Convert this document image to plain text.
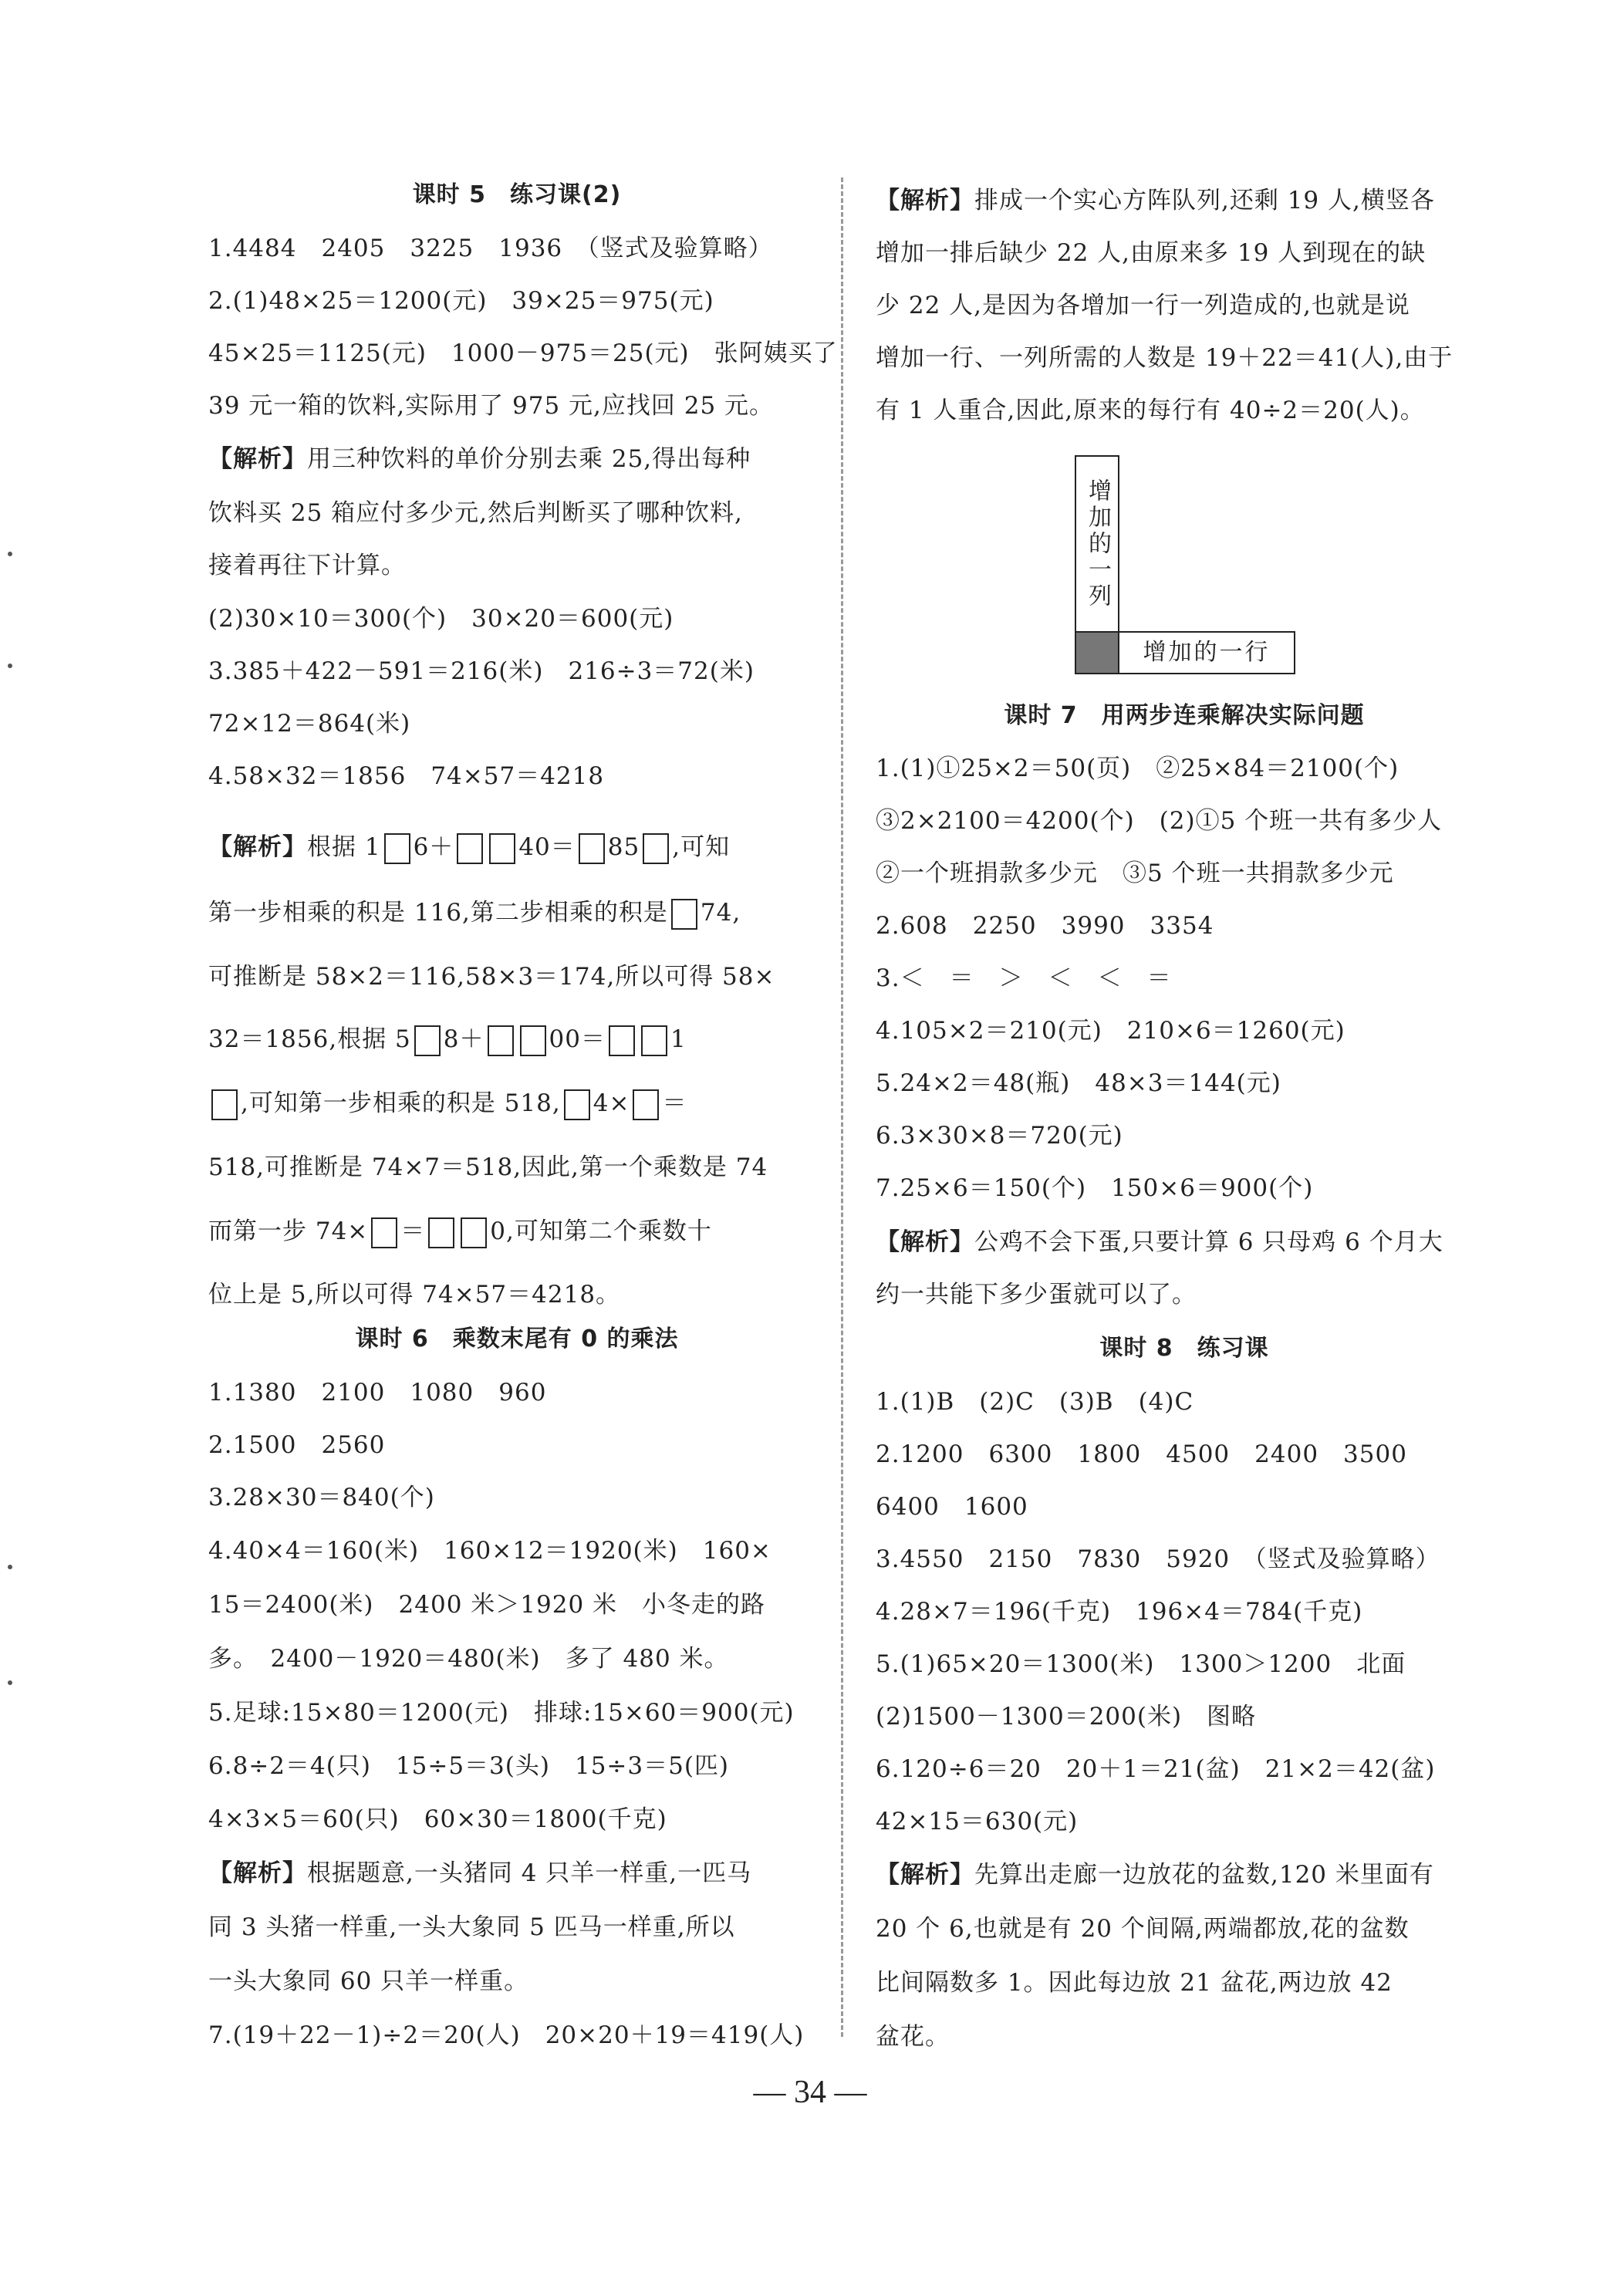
课时 5　练习课(2)
1.4484　2405　3225　1936　（竖式及验算略）
2.(1)48×25＝1200(元)　39×25＝975(元)
45×25＝1125(元)　1000－975＝25(元)　张阿姨买了
39 元一箱的饮料,实际用了 975 元,应找回 25 元。
【解析】用三种饮料的单价分别去乘 25,得出每种
饮料买 25 箱应付多少元,然后判断买了哪种饮料,
接着再往下计算。
(2)30×10＝300(个)　30×20＝600(元)
3.385＋422－591＝216(米)　216÷3＝72(米)
72×12＝864(米)
4.58×32＝1856　74×57＝4218
【解析】根据 1 6＋	40＝ 85 ,可知
第一步相乘的积是 116,第二步相乘的积是 74,
可推断是 58×2＝116,58×3＝174,所以可得 58×
32＝1856,根据 5 8＋	00＝	1
,可知第一步相乘的积是 518, 4× ＝
518,可推断是 74×7＝518,因此,第一个乘数是 74
而第一步 74× ＝	0,可知第二个乘数十
位上是 5,所以可得 74×57＝4218。
课时 6　乘数末尾有 0 的乘法
1.1380　2100　1080　960
2.1500　2560
3.28×30＝840(个)
4.40×4＝160(米)　160×12＝1920(米)　160×
15＝2400(米)　2400 米＞1920 米　小冬走的路
多。　2400－1920＝480(米)　多了 480 米。
5.足球:15×80＝1200(元)　排球:15×60＝900(元)
6.8÷2＝4(只)　15÷5＝3(头)　15÷3＝5(匹)
4×3×5＝60(只)　60×30＝1800(千克)
【解析】根据题意,一头猪同 4 只羊一样重,一匹马
同 3 头猪一样重,一头大象同 5 匹马一样重,所以
一头大象同 60 只羊一样重。
7.(19＋22－1)÷2＝20(人)　20×20＋19＝419(人)
【解析】排成一个实心方阵队列,还剩 19 人,横竖各
增加一排后缺少 22 人,由原来多 19 人到现在的缺
少 22 人,是因为各增加一行一列造成的,也就是说
增加一行、一列所需的人数是 19＋22＝41(人),由于
有 1 人重合,因此,原来的每行有 40÷2＝20(人)。
增加的一列
增加的一行
课时 7　用两步连乘解决实际问题
1.(1)①25×2＝50(页)　②25×84＝2100(个)
③2×2100＝4200(个)　(2)①5 个班一共有多少人
②一个班捐款多少元　③5 个班一共捐款多少元
2.608　2250　3990　3354
3.＜　＝　＞　＜　＜　＝
4.105×2＝210(元)　210×6＝1260(元)
5.24×2＝48(瓶)　48×3＝144(元)
6.3×30×8＝720(元)
7.25×6＝150(个)　150×6＝900(个)
【解析】公鸡不会下蛋,只要计算 6 只母鸡 6 个月大
约一共能下多少蛋就可以了。
课时 8　练习课
1.(1)B　(2)C　(3)B　(4)C
2.1200　6300　1800　4500　2400　3500
6400　1600
3.4550　2150　7830　5920　（竖式及验算略）
4.28×7＝196(千克)　196×4＝784(千克)
5.(1)65×20＝1300(米)　1300＞1200　北面
(2)1500－1300＝200(米)　图略
6.120÷6＝20　20＋1＝21(盆)　21×2＝42(盆)
42×15＝630(元)
【解析】先算出走廊一边放花的盆数,120 米里面有
20 个 6,也就是有 20 个间隔,两端都放,花的盆数
比间隔数多 1。因此每边放 21 盆花,两边放 42
盆花。
— 34 —
